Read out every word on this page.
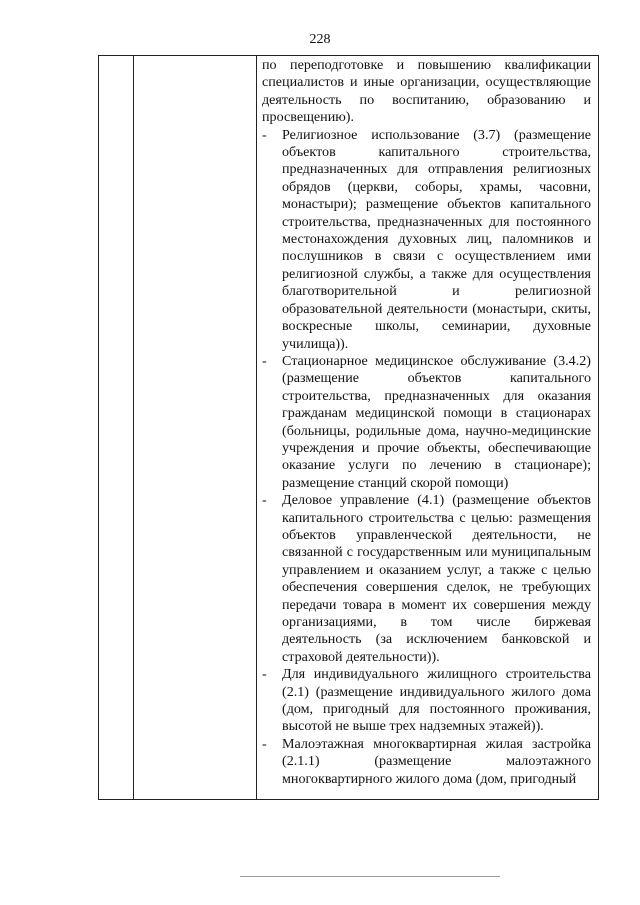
228
по переподготовке и повышению квалификации специалистов и иные организации, осуществляющие деятельность по воспитанию, образованию и просвещению).
- Религиозное использование (3.7) (размещение объектов капитального строительства, предназначенных для отправления религиозных обрядов (церкви, соборы, храмы, часовни, монастыри); размещение объектов капитального строительства, предназначенных для постоянного местонахождения духовных лиц, паломников и послушников в связи с осуществлением ими религиозной службы, а также для осуществления благотворительной и религиозной образовательной деятельности (монастыри, скиты, воскресные школы, семинарии, духовные училища)).
- Стационарное медицинское обслуживание (3.4.2) (размещение объектов капитального строительства, предназначенных для оказания гражданам медицинской помощи в стационарах (больницы, родильные дома, научно-медицинские учреждения и прочие объекты, обеспечивающие оказание услуги по лечению в стационаре); размещение станций скорой помощи)
- Деловое управление (4.1) (размещение объектов капитального строительства с целью: размещения объектов управленческой деятельности, не связанной с государственным или муниципальным управлением и оказанием услуг, а также с целью обеспечения совершения сделок, не требующих передачи товара в момент их совершения между организациями, в том числе биржевая деятельность (за исключением банковской и страховой деятельности)).
- Для индивидуального жилищного строительства (2.1) (размещение индивидуального жилого дома (дом, пригодный для постоянного проживания, высотой не выше трех надземных этажей)).
- Малоэтажная многоквартирная жилая застройка (2.1.1) (размещение малоэтажного многоквартирного жилого дома (дом, пригодный
